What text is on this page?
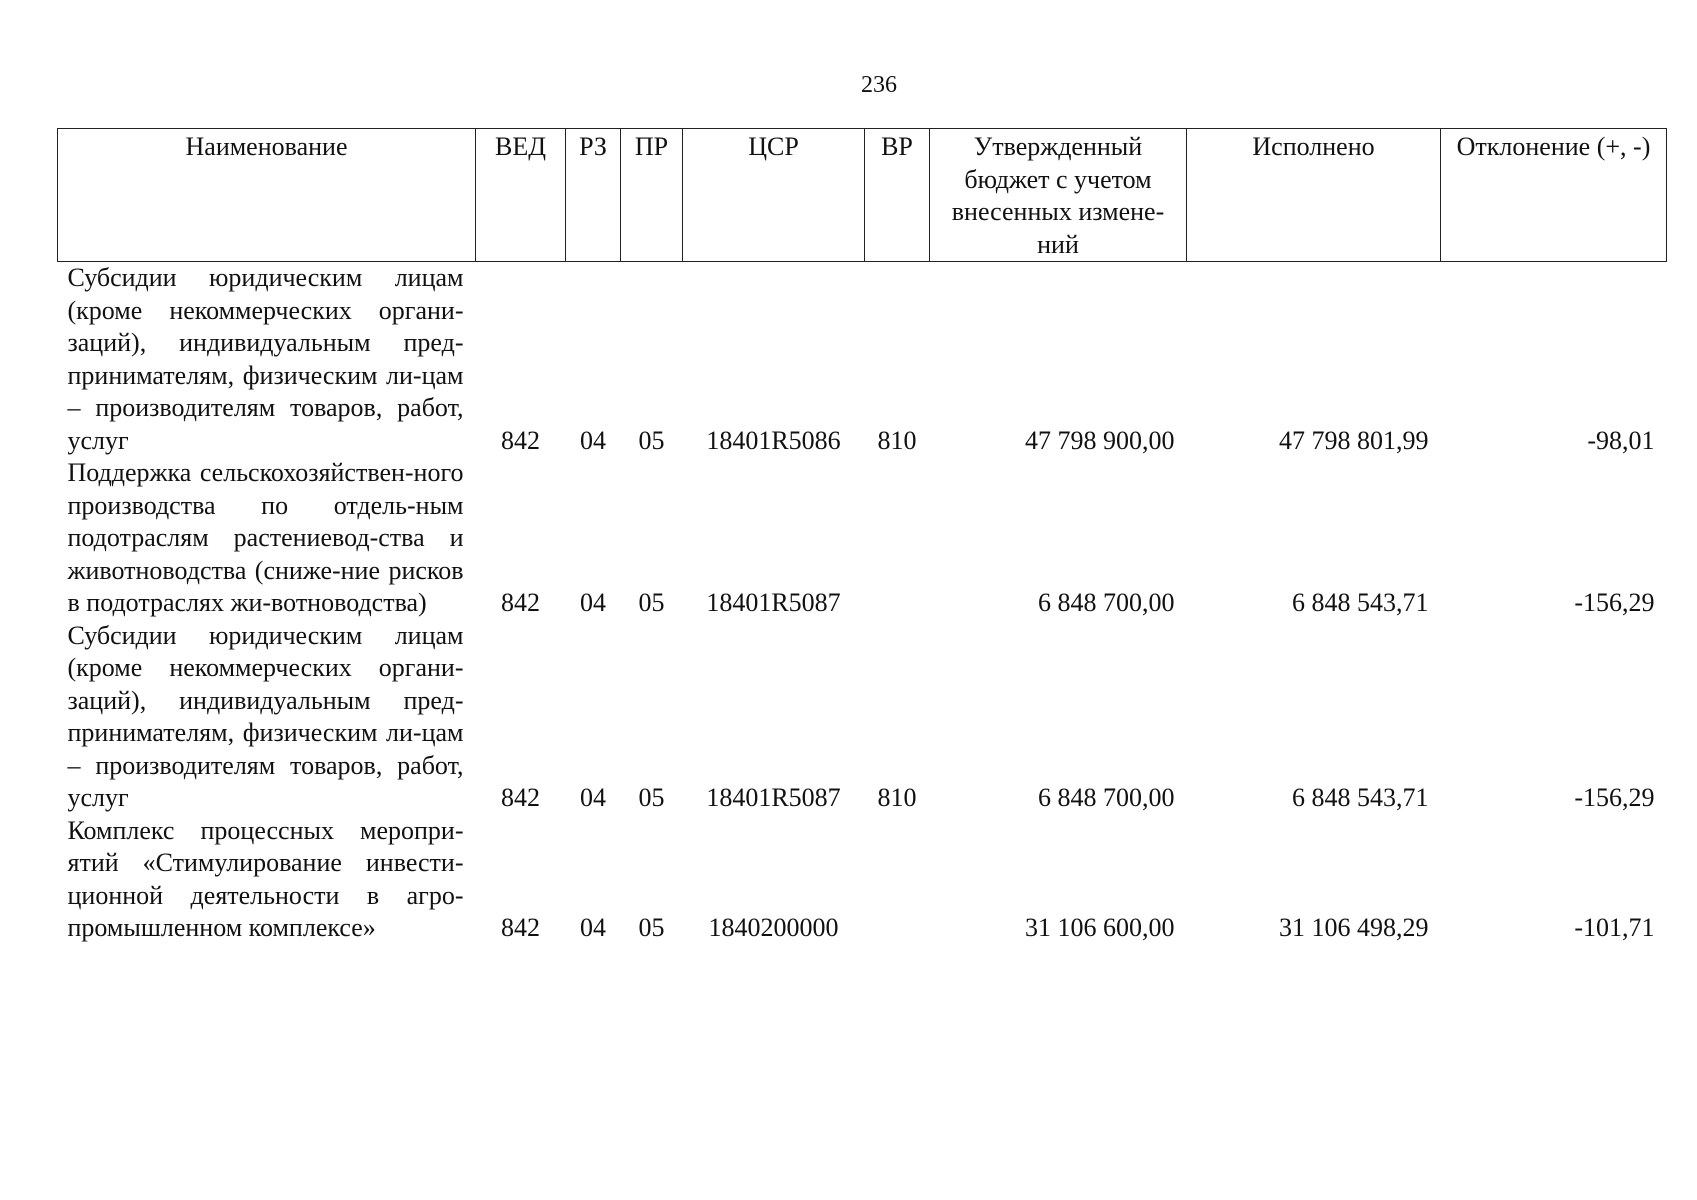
236
Наименование	ВЕД	РЗ	ПР	ЦСР	ВР	Утвержденный бюджет с учетом внесенных измене-ний	Исполнено	Отклонение (+, -)
Субсидии юридическим лицам (кроме некоммерческих органи-заций), индивидуальным пред-принимателям, физическим ли-цам – производителям товаров, работ, услуг	842	04	05	18401R5086	810	47 798 900,00	47 798 801,99	-98,01
Поддержка сельскохозяйствен-ного производства по отдель-ным подотраслям растениевод-ства и животноводства (сниже-ние рисков в подотраслях жи-вотноводства)	842	04	05	18401R5087		6 848 700,00	6 848 543,71	-156,29
Субсидии юридическим лицам (кроме некоммерческих органи-заций), индивидуальным пред-принимателям, физическим ли-цам – производителям товаров, работ, услуг	842	04	05	18401R5087	810	6 848 700,00	6 848 543,71	-156,29
Комплекс процессных меропри-ятий «Стимулирование инвести-ционной деятельности в агро-промышленном комплексе»	842	04	05	1840200000		31 106 600,00	31 106 498,29	-101,71
